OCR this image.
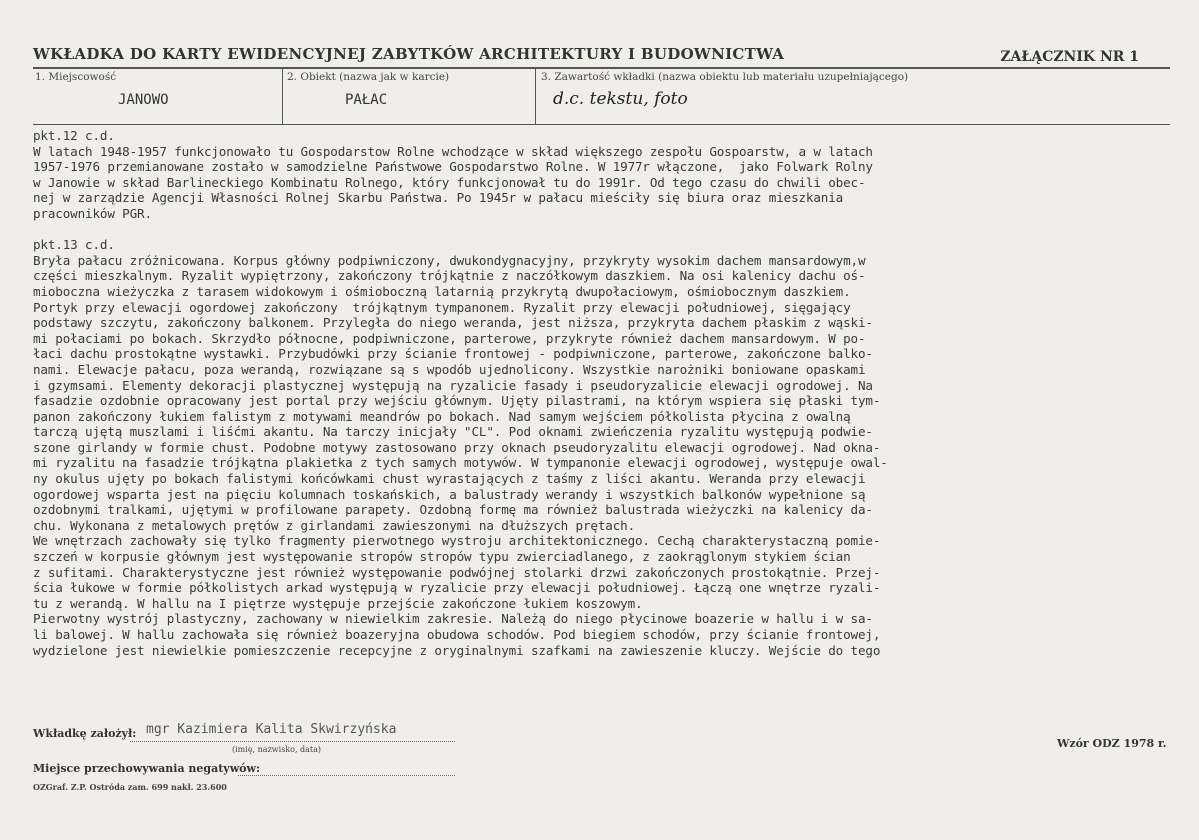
WKŁADKA DO KARTY EWIDENCYJNEJ ZABYTKÓW ARCHITEKTURY I BUDOWNICTWA	ZAŁĄCZNIK NR 1
1. Miejscowość
JANOWO
2. Obiekt (nazwa jak w karcie)
PAŁAC
3. Zawartość wkładki (nazwa obiektu lub materiału uzupełniającego)
d.c. tekstu, foto
pkt.12 c.d.
W latach 1948-1957 funkcjonowało tu Gospodarstow Rolne wchodzące w skład większego zespołu Gospoarstw, a w latach
1957-1976 przemianowane zostało w samodzielne Państwowe Gospodarstwo Rolne. W 1977r włączone,  jako Folwark Rolny
w Janowie w skład Barlineckiego Kombinatu Rolnego, który funkcjonował tu do 1991r. Od tego czasu do chwili obec-
nej w zarządzie Agencji Własności Rolnej Skarbu Państwa. Po 1945r w pałacu mieściły się biura oraz mieszkania
pracowników PGR.
pkt.13 c.d.
Bryła pałacu zróżnicowana. Korpus główny podpiwniczony, dwukondygnacyjny, przykryty wysokim dachem mansardowym,w
części mieszkalnym. Ryzalit wypiętrzony, zakończony trójkątnie z naczółkowym daszkiem. Na osi kalenicy dachu oś-
mioboczna wieżyczka z tarasem widokowym i ośmioboczną latarnią przykrytą dwupołaciowym, ośmiobocznym daszkiem.
Portyk przy elewacji ogordowej zakończony  trójkątnym tympanonem. Ryzalit przy elewacji południowej, sięgający
podstawy szczytu, zakończony balkonem. Przyległa do niego weranda, jest niższa, przykryta dachem płaskim z wąski-
mi połaciami po bokach. Skrzydło północne, podpiwniczone, parterowe, przykryte również dachem mansardowym. W po-
łaci dachu prostokątne wystawki. Przybudówki przy ścianie frontowej - podpiwniczone, parterowe, zakończone balko-
nami. Elewacje pałacu, poza werandą, rozwiązane są s wpodób ujednolicony. Wszystkie narożniki boniowane opaskami
i gzymsami. Elementy dekoracji plastycznej występują na ryzalicie fasady i pseudoryzalicie elewacji ogrodowej. Na
fasadzie ozdobnie opracowany jest portal przy wejściu głównym. Ujęty pilastrami, na którym wspiera się płaski tym-
panon zakończony łukiem falistym z motywami meandrów po bokach. Nad samym wejściem półkolista płycina z owalną
tarczą ujętą muszlami i liśćmi akantu. Na tarczy inicjały "CL". Pod oknami zwieńczenia ryzalitu występują podwie-
szone girlandy w formie chust. Podobne motywy zastosowano przy oknach pseudoryzalitu elewacji ogrodowej. Nad okna-
mi ryzalitu na fasadzie trójkątna plakietka z tych samych motywów. W tympanonie elewacji ogrodowej, występuje owal-
ny okulus ujęty po bokach falistymi końcówkami chust wyrastających z taśmy z liści akantu. Weranda przy elewacji
ogordowej wsparta jest na pięciu kolumnach toskańskich, a balustrady werandy i wszystkich balkonów wypełnione są
ozdobnymi tralkami, ujętymi w profilowane parapety. Ozdobną formę ma również balustrada wieżyczki na kalenicy da-
chu. Wykonana z metalowych prętów z girlandami zawieszonymi na dłuższych prętach.
We wnętrzach zachowały się tylko fragmenty pierwotnego wystroju architektonicznego. Cechą charakterystaczną pomie-
szczeń w korpusie głównym jest występowanie stropów stropów typu zwierciadlanego, z zaokrąglonym stykiem ścian
z sufitami. Charakterystyczne jest również występowanie podwójnej stolarki drzwi zakończonych prostokątnie. Przej-
ścia łukowe w formie półkolistych arkad występują w ryzalicie przy elewacji południowej. Łączą one wnętrze ryzali-
tu z werandą. W hallu na I piętrze występuje przejście zakończone łukiem koszowym.
Pierwotny wystrój plastyczny, zachowany w niewielkim zakresie. Należą do niego płycinowe boazerie w hallu i w sa-
li balowej. W hallu zachowała się również boazeryjna obudowa schodów. Pod biegiem schodów, przy ścianie frontowej,
wydzielone jest niewielkie pomieszczenie recepcyjne z oryginalnymi szafkami na zawieszenie kluczy. Wejście do tego
Wkładkę założył: mgr Kazimiera Kalita Skwirzyńska
(imię, nazwisko, data)	Wzór ODZ 1978 r.
Miejsce przechowywania negatywów:
OZGraf. Z.P. Ostróda zam. 699 nakł. 23.600
